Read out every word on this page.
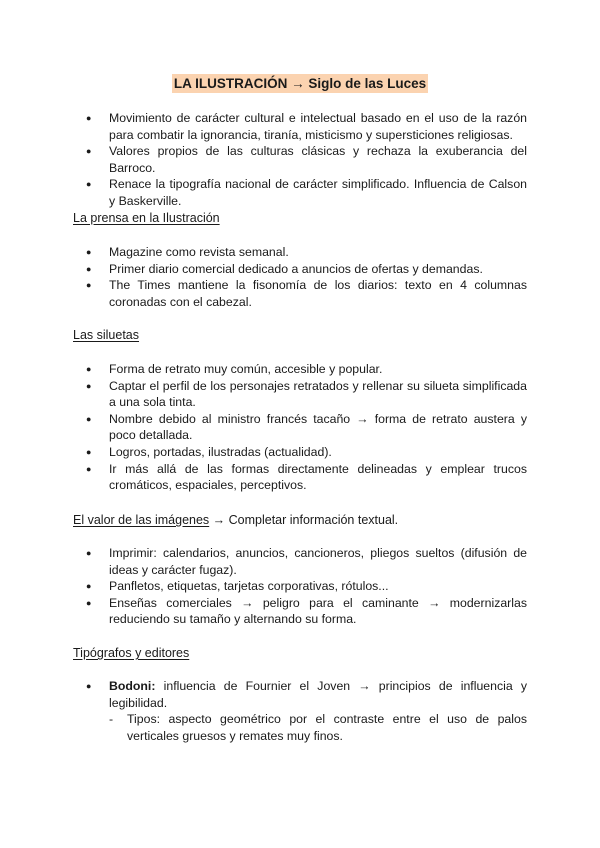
LA ILUSTRACIÓN → Siglo de las Luces
● Movimiento de carácter cultural e intelectual basado en el uso de la razón para combatir la ignorancia, tiranía, misticismo y supersticiones religiosas.
● Valores propios de las culturas clásicas y rechaza la exuberancia del Barroco.
● Renace la tipografía nacional de carácter simplificado. Influencia de Calson y Baskerville.
La prensa en la Ilustración
● Magazine como revista semanal.
● Primer diario comercial dedicado a anuncios de ofertas y demandas.
● The Times mantiene la fisonomía de los diarios: texto en 4 columnas coronadas con el cabezal.
Las siluetas
● Forma de retrato muy común, accesible y popular.
● Captar el perfil de los personajes retratados y rellenar su silueta simplificada a una sola tinta.
● Nombre debido al ministro francés tacaño → forma de retrato austera y poco detallada.
● Logros, portadas, ilustradas (actualidad).
● Ir más allá de las formas directamente delineadas y emplear trucos cromáticos, espaciales, perceptivos.
El valor de las imágenes → Completar información textual.
● Imprimir: calendarios, anuncios, cancioneros, pliegos sueltos (difusión de ideas y carácter fugaz).
● Panfletos, etiquetas, tarjetas corporativas, rótulos...
● Enseñas comerciales → peligro para el caminante → modernizarlas reduciendo su tamaño y alternando su forma.
Tipógrafos y editores
● Bodoni: influencia de Fournier el Joven → principios de influencia y legibilidad.
- Tipos: aspecto geométrico por el contraste entre el uso de palos verticales gruesos y remates muy finos.
